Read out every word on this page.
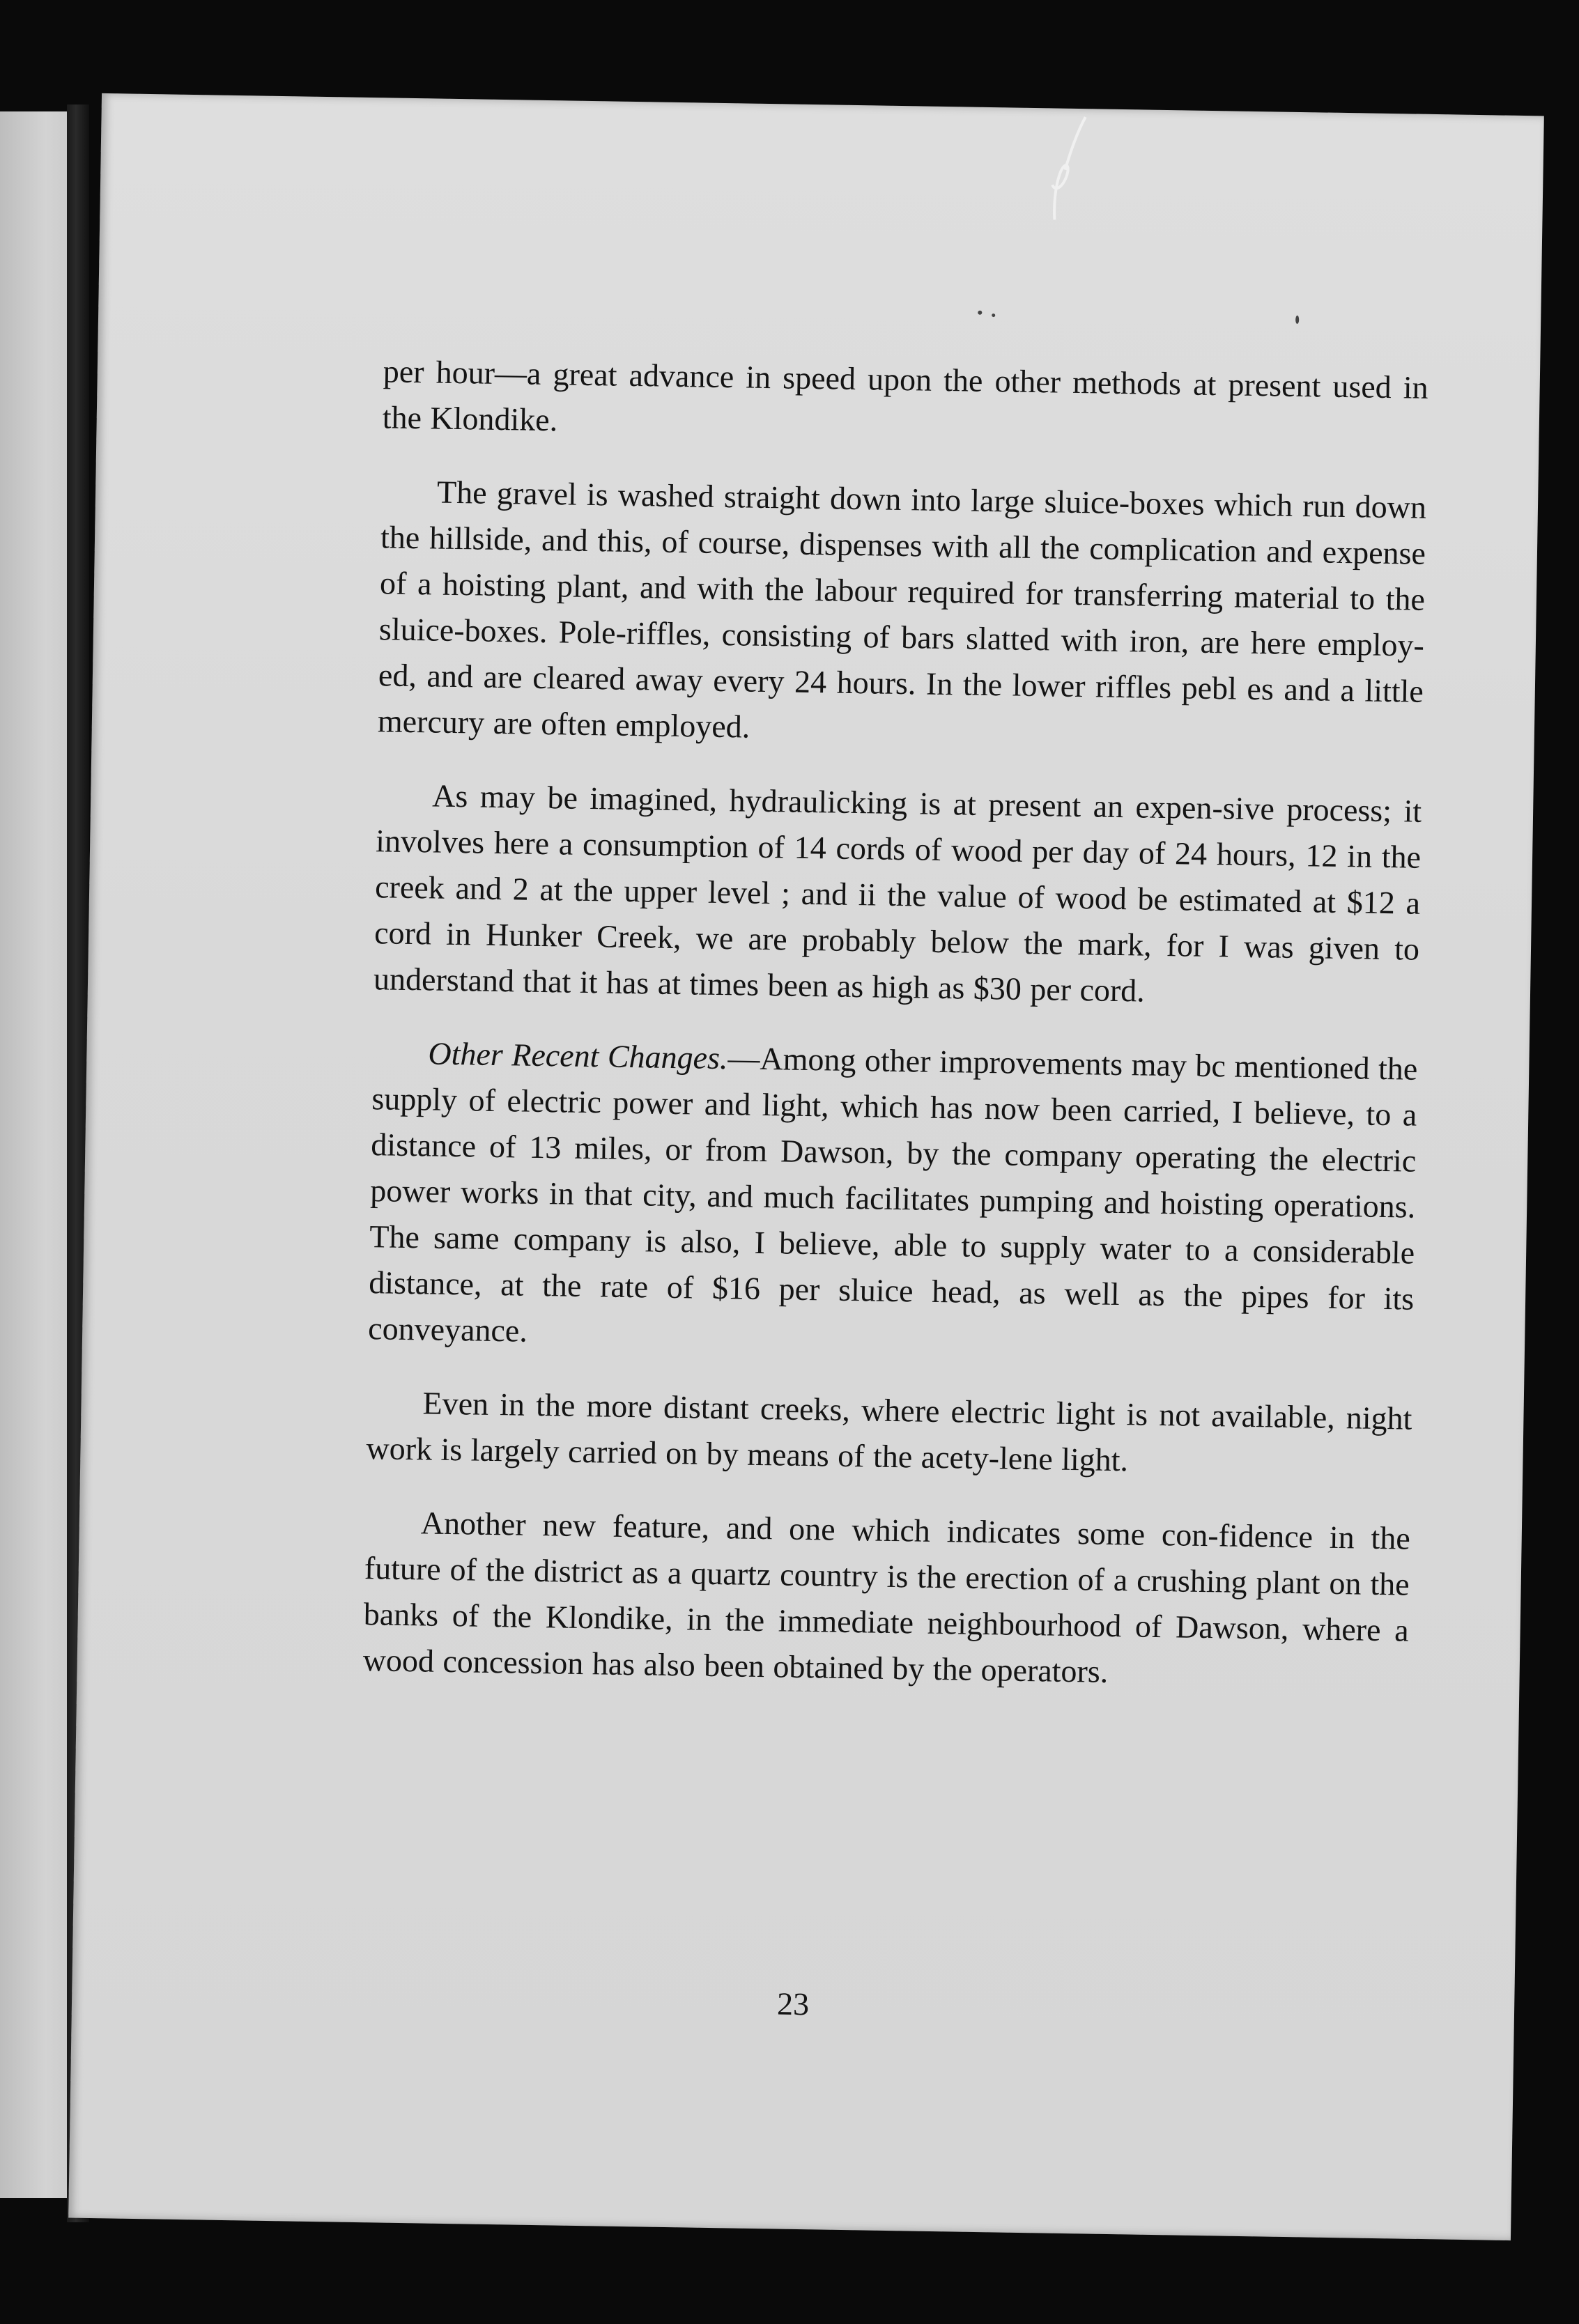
per hour—a great advance in speed upon the other methods at present used in the Klondike.

The gravel is washed straight down into large sluice-boxes which run down the hillside, and this, of course, dispenses with all the complication and expense of a hoisting plant, and with the labour required for transferring material to the sluice-boxes. Pole-riffles, consisting of bars slatted with iron, are here employ-ed, and are cleared away every 24 hours. In the lower riffles pebl es and a little mercury are often employed.

As may be imagined, hydraulicking is at present an expen-sive process; it involves here a consumption of 14 cords of wood per day of 24 hours, 12 in the creek and 2 at the upper level ; and ii the value of wood be estimated at $12 a cord in Hunker Creek, we are probably below the mark, for I was given to understand that it has at times been as high as $30 per cord.

Other Recent Changes.—Among other improvements may bc mentioned the supply of electric power and light, which has now been carried, I believe, to a distance of 13 miles, or from Dawson, by the company operating the electric power works in that city, and much facilitates pumping and hoisting operations. The same company is also, I believe, able to supply water to a considerable distance, at the rate of $16 per sluice head, as well as the pipes for its conveyance.

Even in the more distant creeks, where electric light is not available, night work is largely carried on by means of the acety-lene light.

Another new feature, and one which indicates some con-fidence in the future of the district as a quartz country is the erection of a crushing plant on the banks of the Klondike, in the immediate neighbourhood of Dawson, where a wood concession has also been obtained by the operators.

23
